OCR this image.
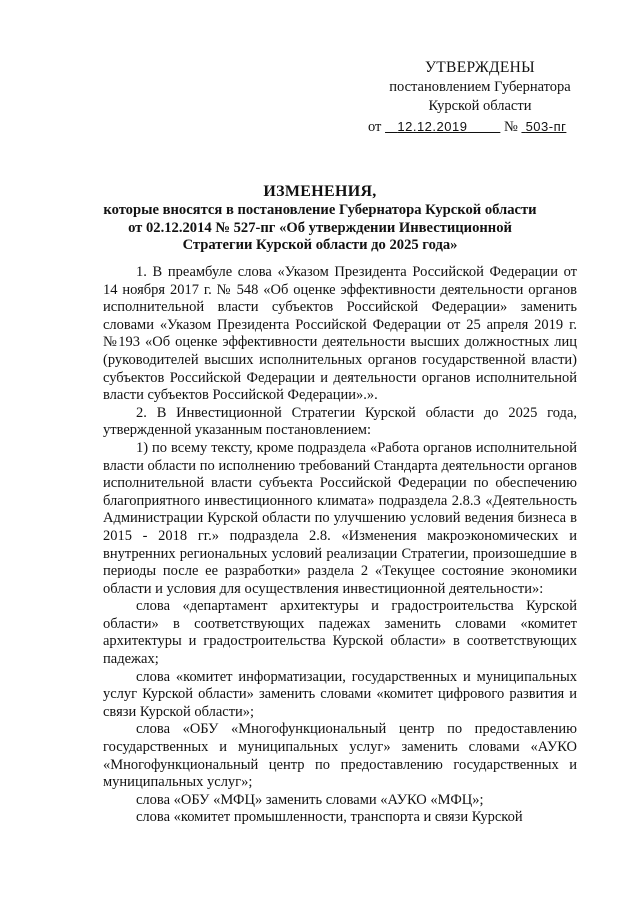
УТВЕРЖДЕНЫ
постановлением Губернатора
Курской области
от 12.12.2019	№ 503-пг
ИЗМЕНЕНИЯ,
которые вносятся в постановление Губернатора Курской области от 02.12.2014 № 527-пг «Об утверждении Инвестиционной Стратегии Курской области до 2025 года»

1. В преамбуле слова «Указом Президента Российской Федерации от 14 ноября 2017 г. № 548 «Об оценке эффективности деятельности органов исполнительной власти субъектов Российской Федерации» заменить словами «Указом Президента Российской Федерации от 25 апреля 2019 г. №193 «Об оценке эффективности деятельности высших должностных лиц (руководителей высших исполнительных органов государственной власти) субъектов Российской Федерации и деятельности органов исполнительной власти субъектов Российской Федерации».».

2. В Инвестиционной Стратегии Курской области до 2025 года, утвержденной указанным постановлением:

1) по всему тексту, кроме подраздела «Работа органов исполнительной власти области по исполнению требований Стандарта деятельности органов исполнительной власти субъекта Российской Федерации по обеспечению благоприятного инвестиционного климата» подраздела 2.8.3 «Деятельность Администрации Курской области по улучшению условий ведения бизнеса в 2015 - 2018 гг.» подраздела 2.8. «Изменения макроэкономических и внутренних региональных условий реализации Стратегии, произошедшие в периоды после ее разработки» раздела 2 «Текущее состояние экономики области и условия для осуществления инвестиционной деятельности»:

слова «департамент архитектуры и градостроительства Курской области» в соответствующих падежах заменить словами «комитет архитектуры и градостроительства Курской области» в соответствующих падежах;

слова «комитет информатизации, государственных и муниципальных услуг Курской области» заменить словами «комитет цифрового развития и связи Курской области»;

слова «ОБУ «Многофункциональный центр по предоставлению государственных и муниципальных услуг» заменить словами «АУКО «Многофункциональный центр по предоставлению государственных и муниципальных услуг»;

слова «ОБУ «МФЦ» заменить словами «АУКО «МФЦ»;

слова «комитет промышленности, транспорта и связи Курской
